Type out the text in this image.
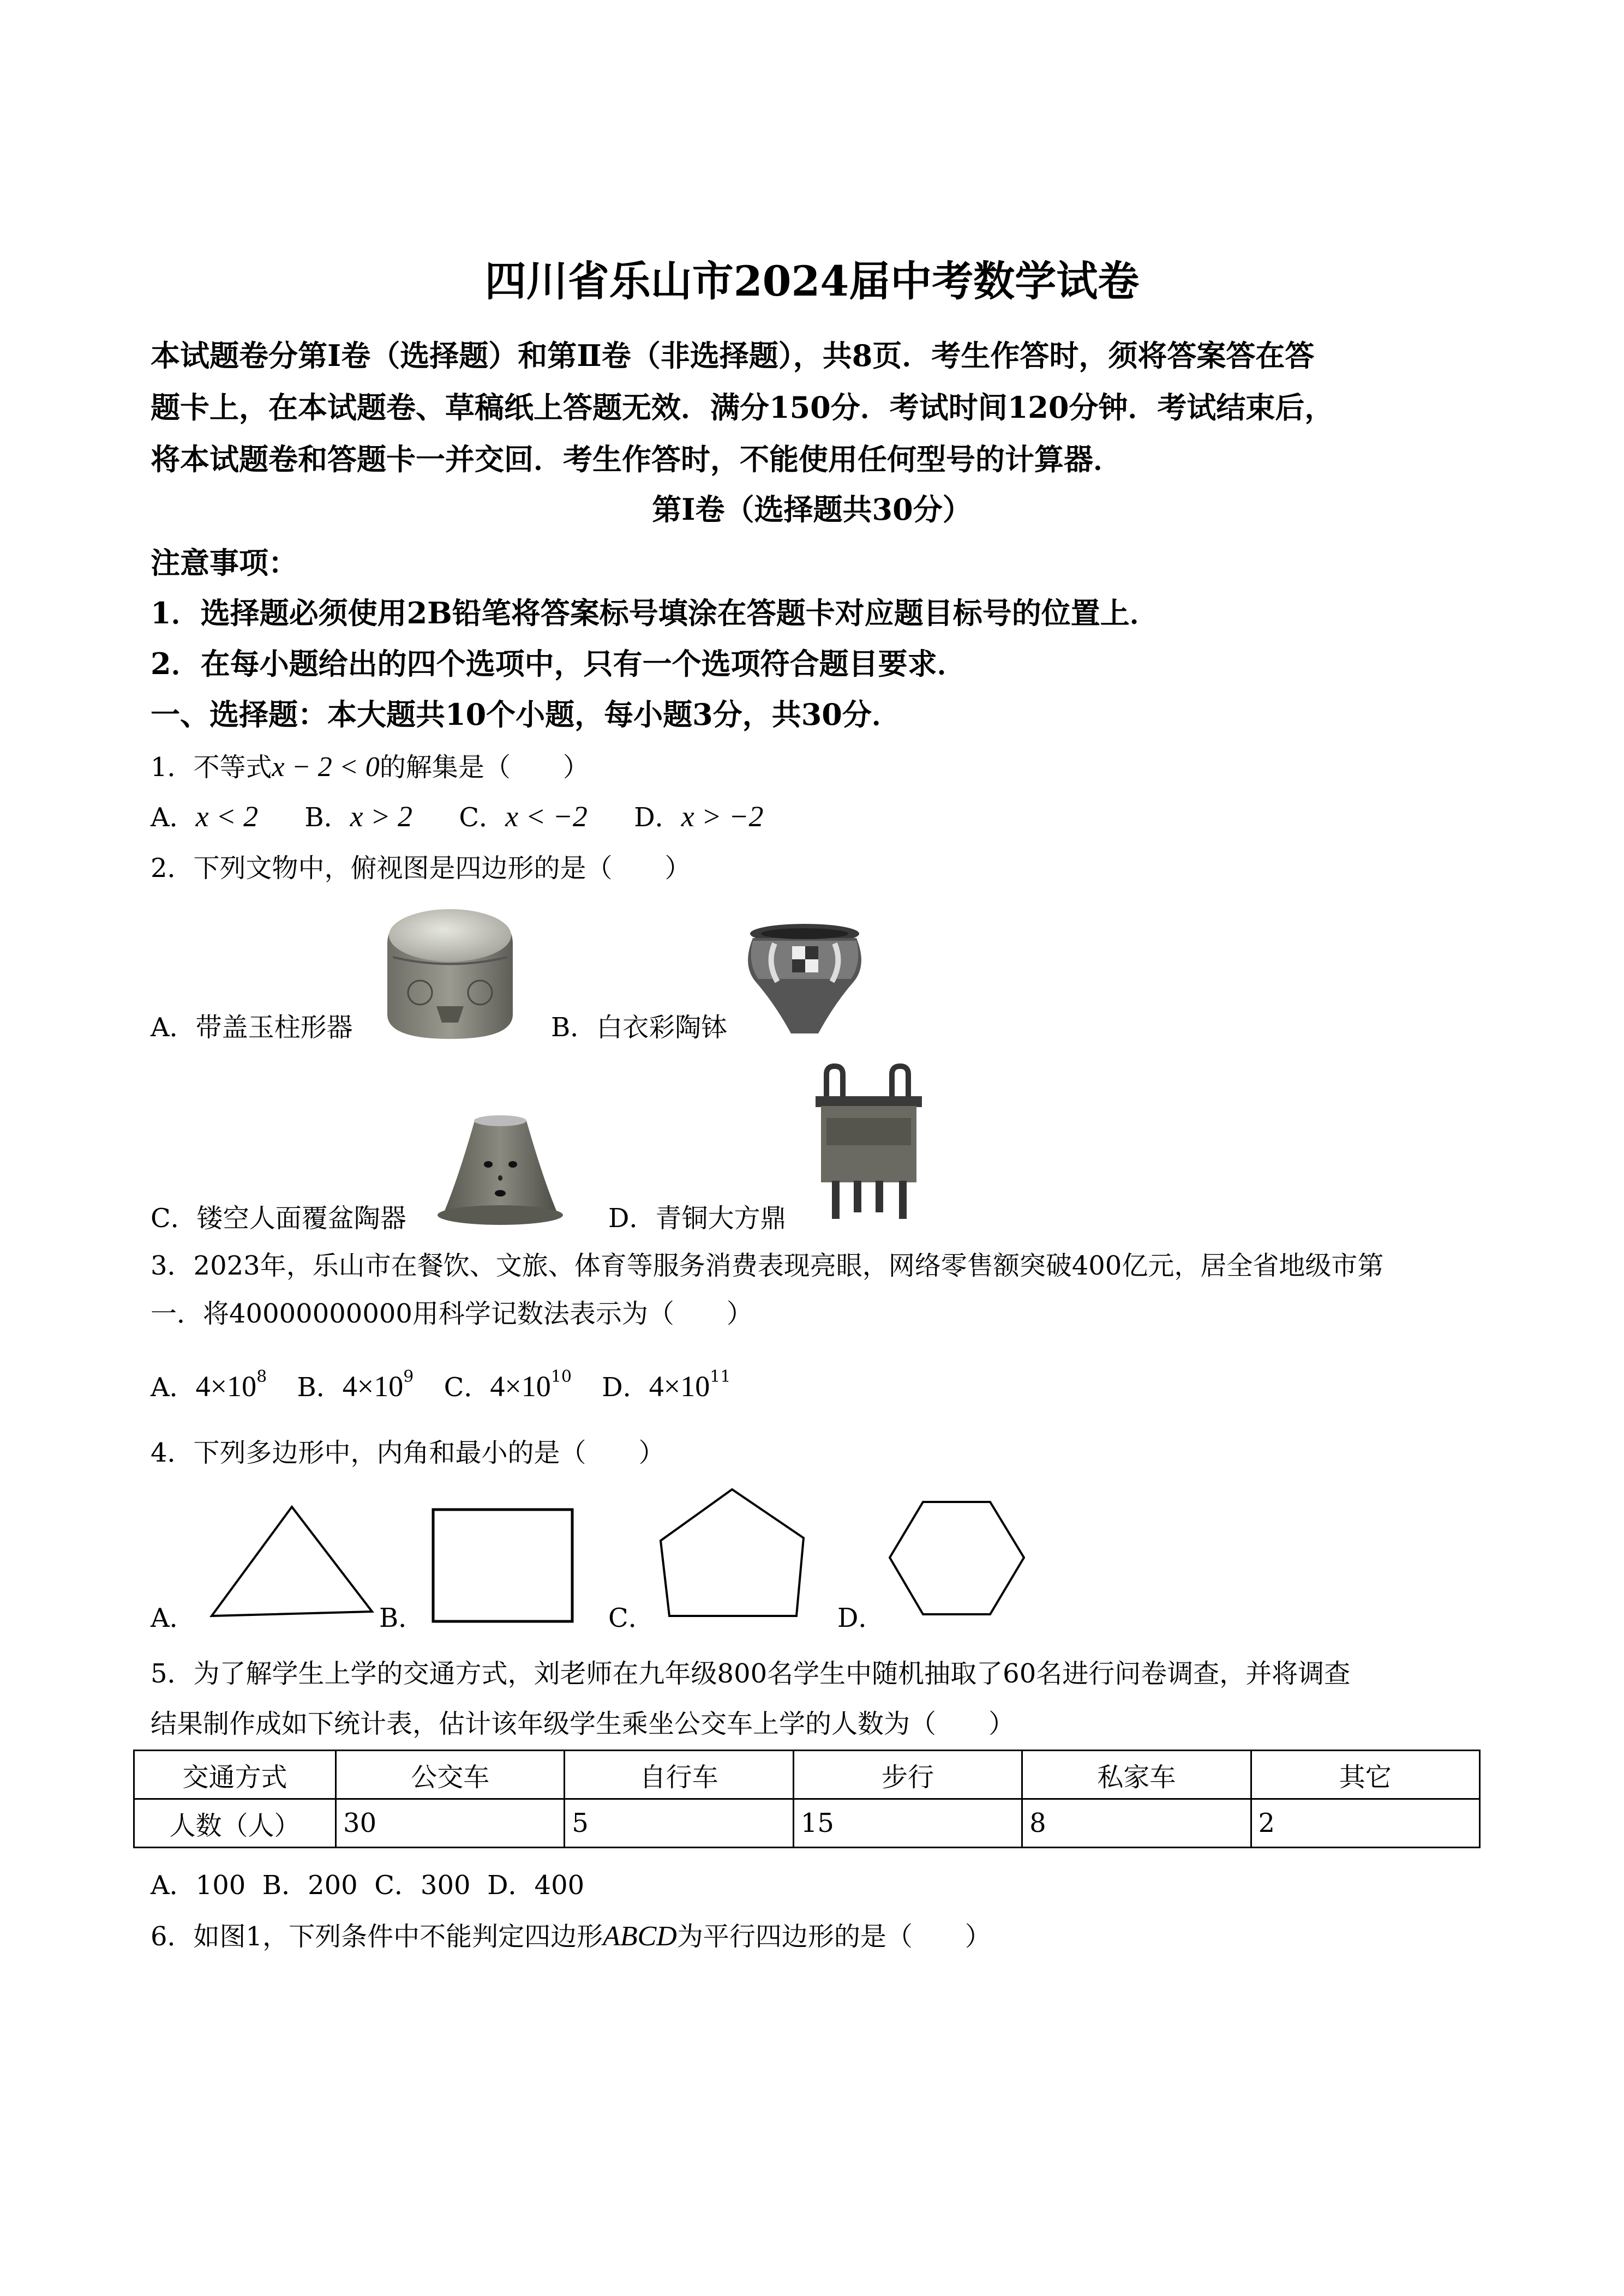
四川省乐山市2024届中考数学试卷
本试题卷分第Ⅰ卷（选择题）和第Ⅱ卷（非选择题），共8页．考生作答时，须将答案答在答
题卡上，在本试题卷、草稿纸上答题无效．满分150分．考试时间120分钟．考试结束后，
将本试题卷和答题卡一并交回．考生作答时，不能使用任何型号的计算器．
第Ⅰ卷（选择题共30分）
注意事项：
1．选择题必须使用2B铅笔将答案标号填涂在答题卡对应题目标号的位置上．
2．在每小题给出的四个选项中，只有一个选项符合题目要求．
一、选择题：本大题共10个小题，每小题3分，共30分．
1．不等式x − 2 < 0的解集是（　　）
A．x < 2 B．x > 2 C．x < −2 D．x > −2
2．下列文物中，俯视图是四边形的是（　　）
A．带盖玉柱形器	B．白衣彩陶钵
C．镂空人面覆盆陶器	D．青铜大方鼎
3．2023年，乐山市在餐饮、文旅、体育等服务消费表现亮眼，网络零售额突破400亿元，居全省地级市第
一．将40000000000用科学记数法表示为（　　）
A．$4\times 10^8$ B．$4\times 10^9$ C．$4\times 10^{10}$ D．$4\times 10^{11}$
4．下列多边形中，内角和最小的是（　　）
A．	B．	C．	D．
5．为了解学生上学的交通方式，刘老师在九年级800名学生中随机抽取了60名进行问卷调查，并将调查
结果制作成如下统计表，估计该年级学生乘坐公交车上学的人数为（　　）
交通方式	公交车	自行车	步行	私家车	其它
人数（人）	30	5	15	8	2
A．100  B．200  C．300  D．400
6．如图1，下列条件中不能判定四边形ABCD为平行四边形的是（　　）
